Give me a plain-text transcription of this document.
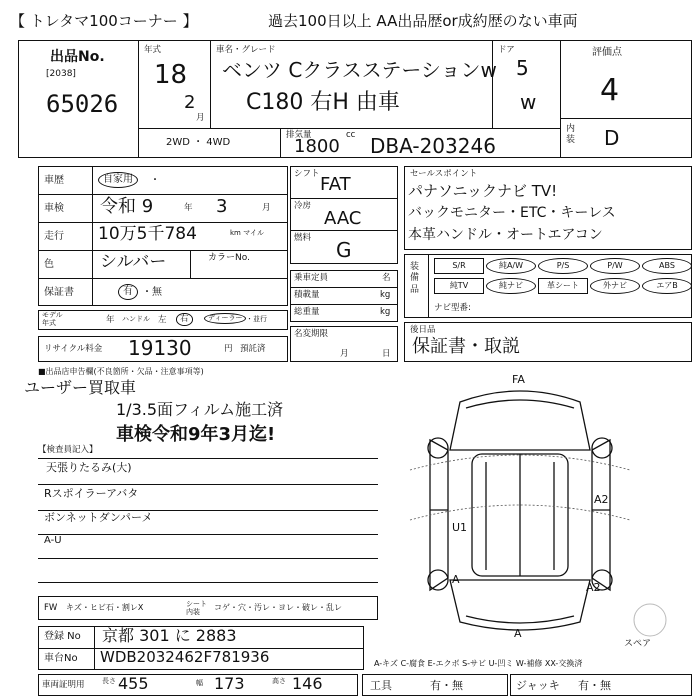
【 トレタマ100コーナー 】	過去100日以上 AA出品歴or成約歴のない車両
出品No.
[2038]
65026
年式
18
2
月
車名・グレード
ベンツ Cクラスステーションw
C180 右H 由車
ドア
5
w
2WD ・ 4WD
排気量	cc
1800 DBA-203246
評価点
4
内装 D
車歴	自家用	・
車検 令和 9	年 3	月
走行 10万5千784	km マイル
色	シルバー	カラーNo.
保証書	有 ・無
シフト FAT
冷房
AAC
燃料 G
乗車定員	名
積載量	kg
総重量	kg
モデル 年式	年 ハンドル 左	右	ディーラー ・並行
リサイクル料金 19130	円 預託済
名変期限
月	日
セールスポイント
パナソニックナビ TV!
バックモニター・ETC・キーレス
本革ハンドル・オートエアコン
装備品
S/R	純A/W	P/S	P/W	ABS
純TV	純ナビ	革シート	外ナビ	エアB
ナビ型番:
後日品
保証書・取説
■出品店申告欄(不良箇所・欠品・注意事項等)
ユーザー買取車
1/3.5面フィルム施工済
車検令和9年3月迄!
【検査員記入】
天張りたるみ(大)
Rスポイラーアバタ
ボンネットダンパーメ
A-U
FA
A2
U1
A
A2
A
スペア
FW キズ・ヒビ石・割レX	シート 内装
コゲ・穴・汚レ・ヨレ・破レ・乱レ
登録 No 京都 301 に 2883
車台No WDB2032462F781936	A-キズ C-腐食 E-エクボ S-サビ U-凹ミ W-補修 XX-交換済
車両証明用 長さ 455	幅 173	高さ 146	工具	有・無	ジャッキ 有・無
